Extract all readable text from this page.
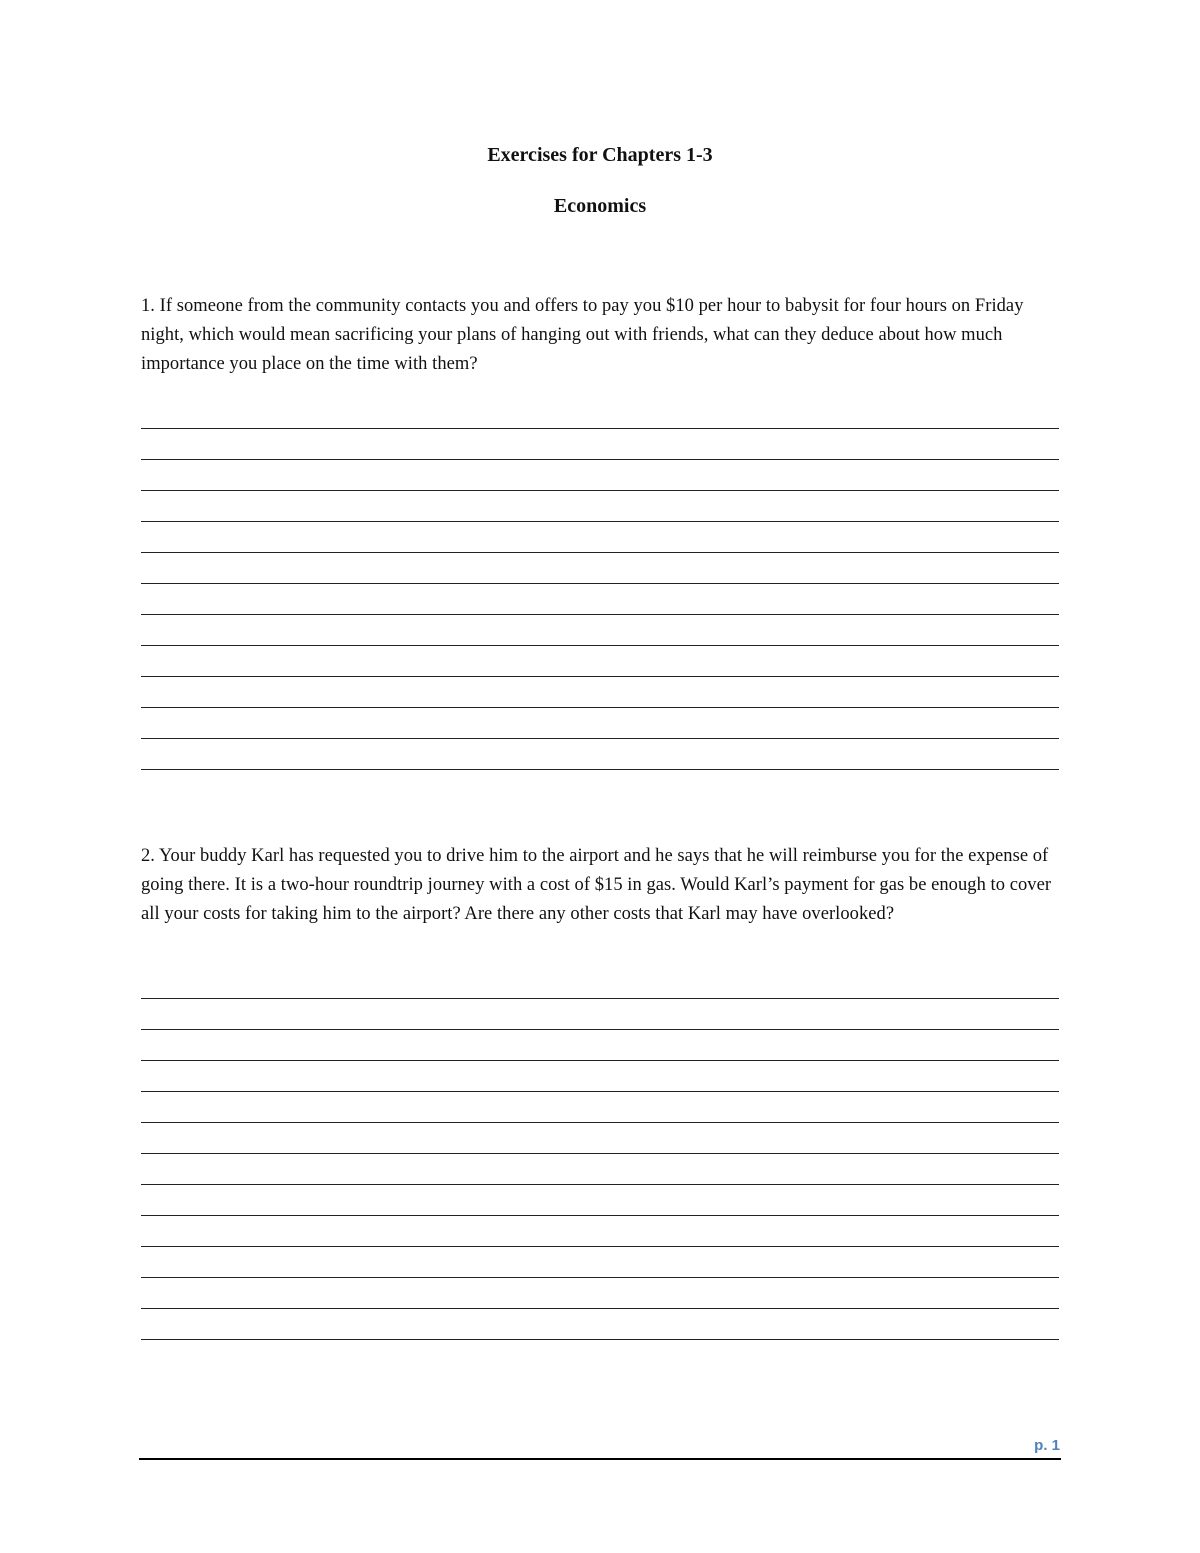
Exercises for Chapters 1-3
Economics

1. If someone from the community contacts you and offers to pay you $10 per hour to babysit for four hours on Friday night, which would mean sacrificing your plans of hanging out with friends, what can they deduce about how much importance you place on the time with them?

2. Your buddy Karl has requested you to drive him to the airport and he says that he will reimburse you for the expense of going there. It is a two-hour roundtrip journey with a cost of $15 in gas. Would Karl’s payment for gas be enough to cover all your costs for taking him to the airport? Are there any other costs that Karl may have overlooked?

p. 1
